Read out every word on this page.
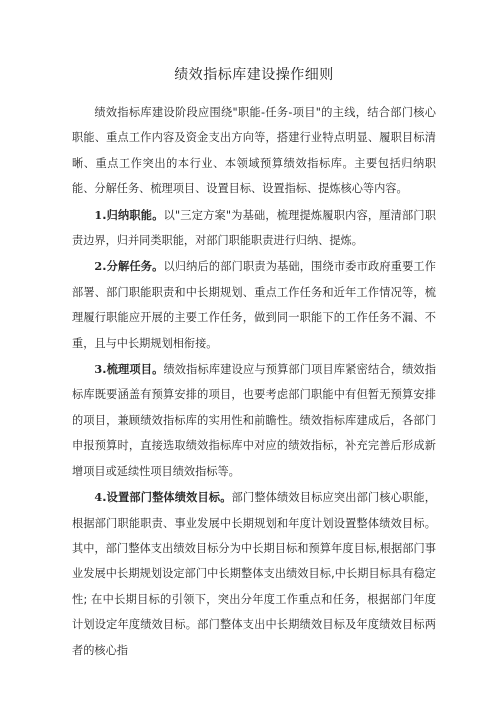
绩效指标库建设操作细则

绩效指标库建设阶段应围绕"职能-任务-项目"的主线，结合部门核心职能、重点工作内容及资金支出方向等，搭建行业特点明显、履职目标清晰、重点工作突出的本行业、本领域预算绩效指标库。主要包括归纳职能、分解任务、梳理项目、设置目标、设置指标、提炼核心等内容。

1.归纳职能。以"三定方案"为基础，梳理提炼履职内容，厘清部门职责边界，归并同类职能，对部门职能职责进行归纳、提炼。

2.分解任务。以归纳后的部门职责为基础，围绕市委市政府重要工作部署、部门职能职责和中长期规划、重点工作任务和近年工作情况等，梳理履行职能应开展的主要工作任务，做到同一职能下的工作任务不漏、不重，且与中长期规划相衔接。

3.梳理项目。绩效指标库建设应与预算部门项目库紧密结合，绩效指标库既要涵盖有预算安排的项目，也要考虑部门职能中有但暂无预算安排的项目，兼顾绩效指标库的实用性和前瞻性。绩效指标库建成后，各部门申报预算时，直接选取绩效指标库中对应的绩效指标，补充完善后形成新增项目或延续性项目绩效指标等。

4.设置部门整体绩效目标。部门整体绩效目标应突出部门核心职能，根据部门职能职责、事业发展中长期规划和年度计划设置整体绩效目标。其中，部门整体支出绩效目标分为中长期目标和预算年度目标,根据部门事业发展中长期规划设定部门中长期整体支出绩效目标,中长期目标具有稳定性; 在中长期目标的引领下，突出分年度工作重点和任务，根据部门年度计划设定年度绩效目标。部门整体支出中长期绩效目标及年度绩效目标两者的核心指
